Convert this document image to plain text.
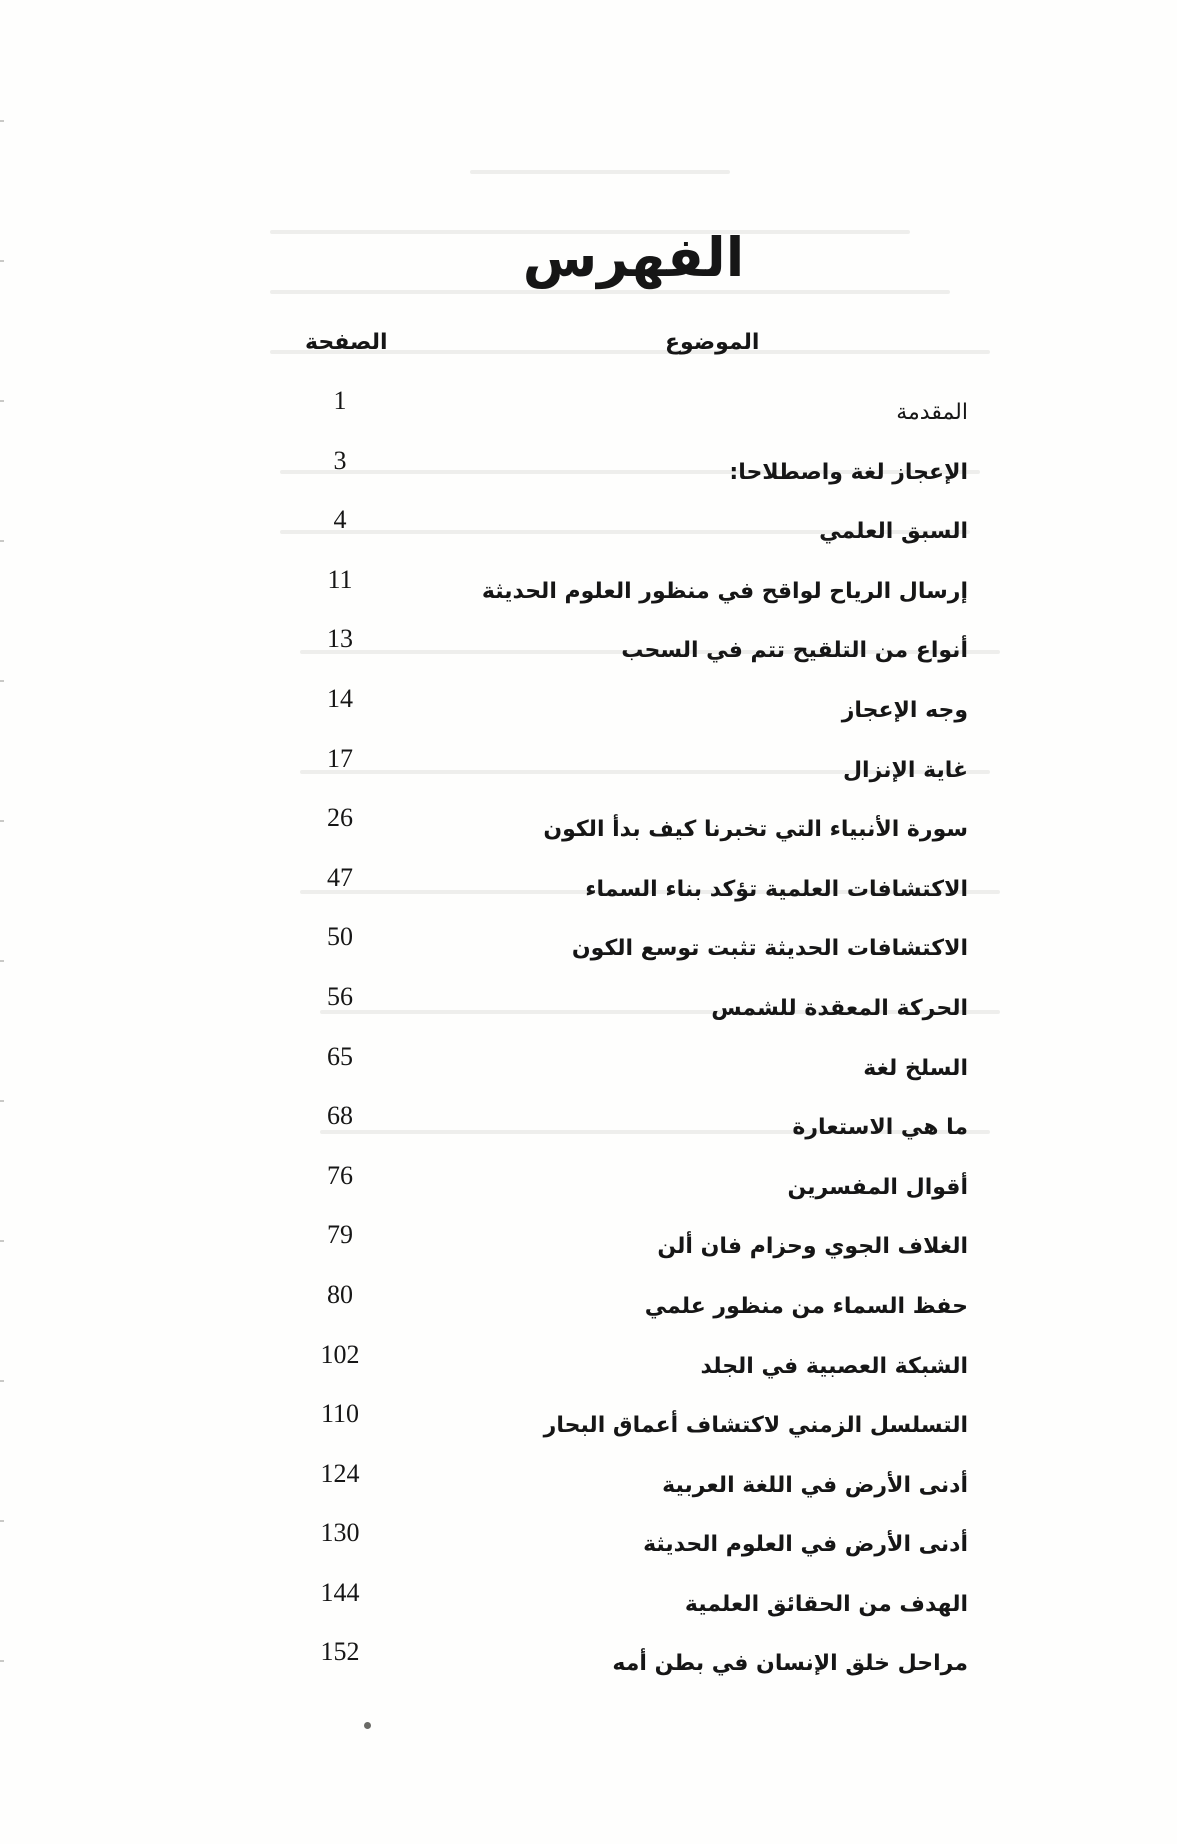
الفهرس
الموضوع
الصفحة
المقدمة
1
الإعجاز لغة واصطلاحا:
3
السبق العلمي
4
إرسال الرياح لواقح في منظور العلوم الحديثة
11
أنواع من التلقيح تتم في السحب
13
وجه الإعجاز
14
غاية الإنزال
17
سورة الأنبياء التي تخبرنا كيف بدأ الكون
26
الاكتشافات العلمية تؤكد بناء السماء
47
الاكتشافات الحديثة تثبت توسع الكون
50
الحركة المعقدة للشمس
56
السلخ لغة
65
ما هي الاستعارة
68
أقوال المفسرين
76
الغلاف الجوي وحزام فان ألن
79
حفظ السماء من منظور علمي
80
الشبكة العصبية في الجلد
102
التسلسل الزمني لاكتشاف أعماق البحار
110
أدنى الأرض في اللغة العربية
124
أدنى الأرض في العلوم الحديثة
130
الهدف من الحقائق العلمية
144
مراحل خلق الإنسان في بطن أمه
152
